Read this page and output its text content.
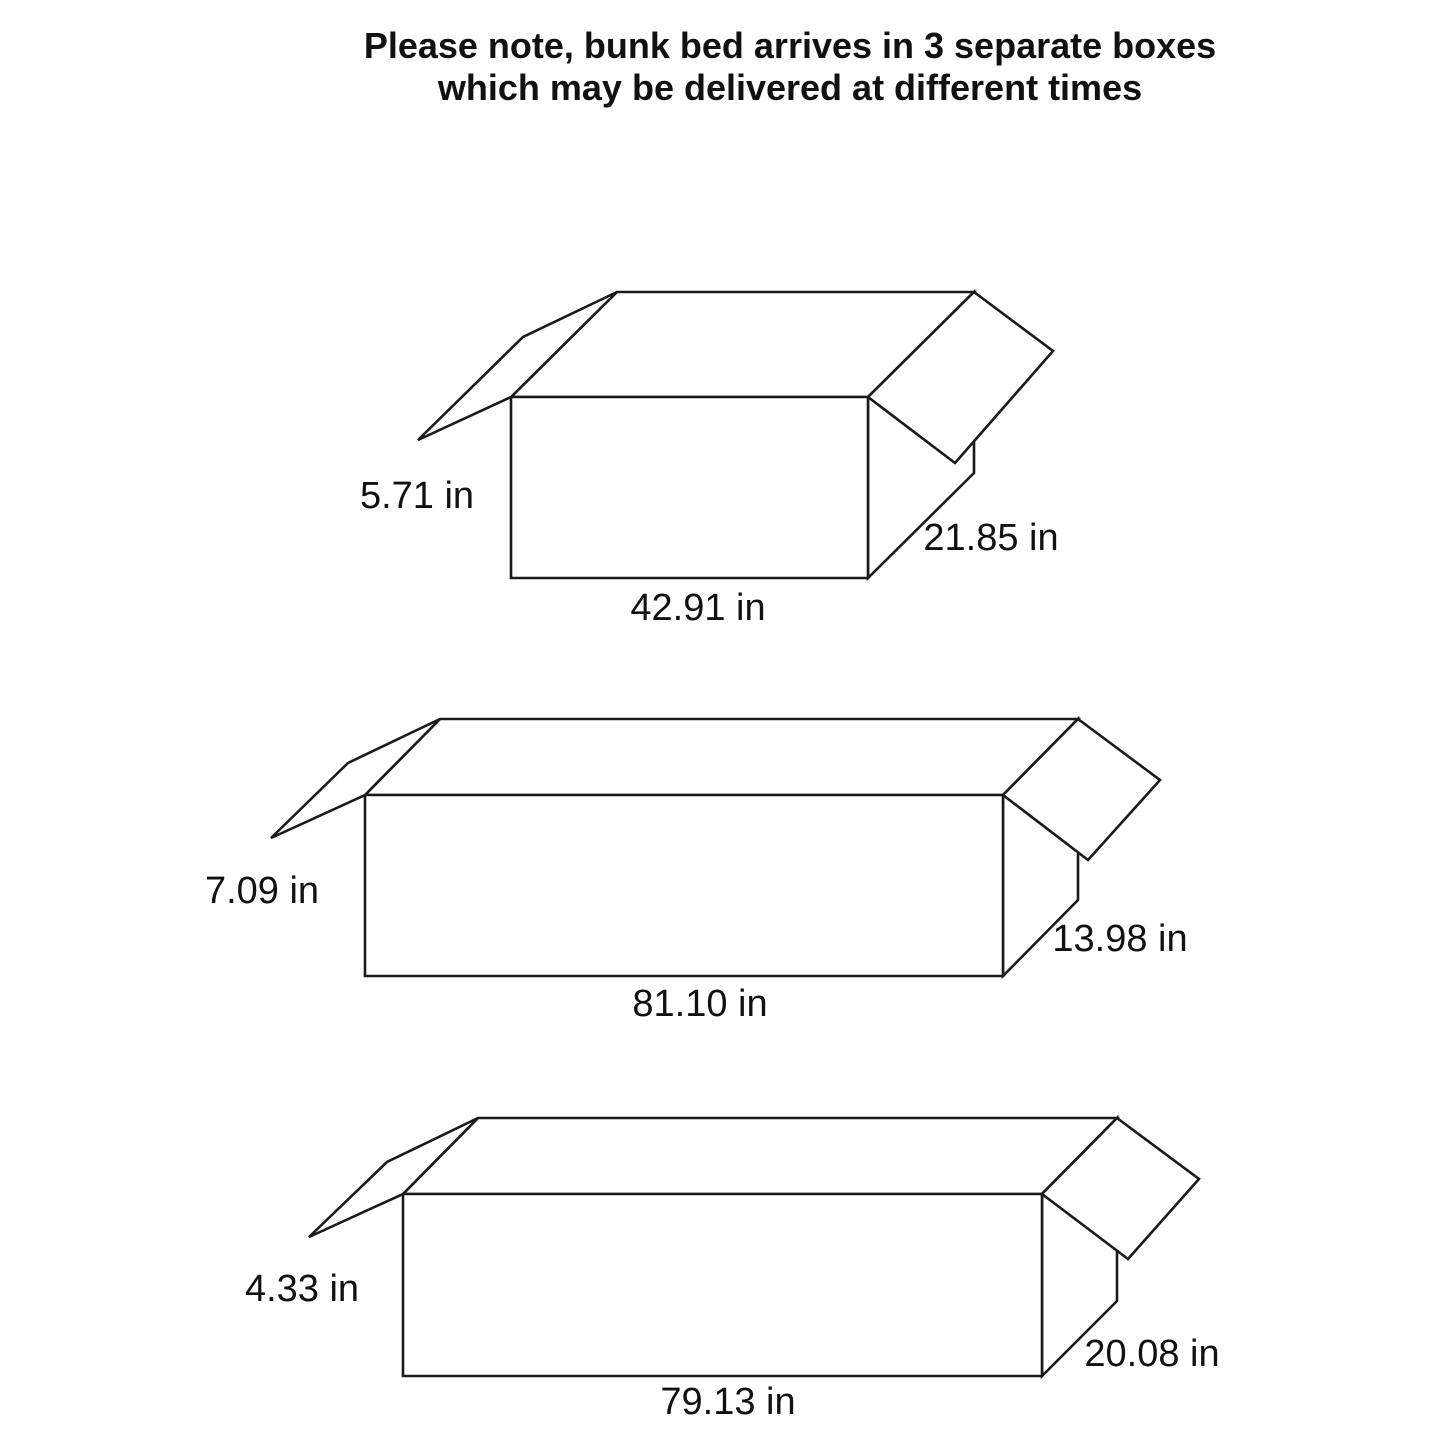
Please note, bunk bed arrives in 3 separate boxes
which may be delivered at different times
5.71 in
42.91 in
21.85 in
7.09 in
81.10 in
13.98 in
4.33 in
79.13 in
20.08 in
